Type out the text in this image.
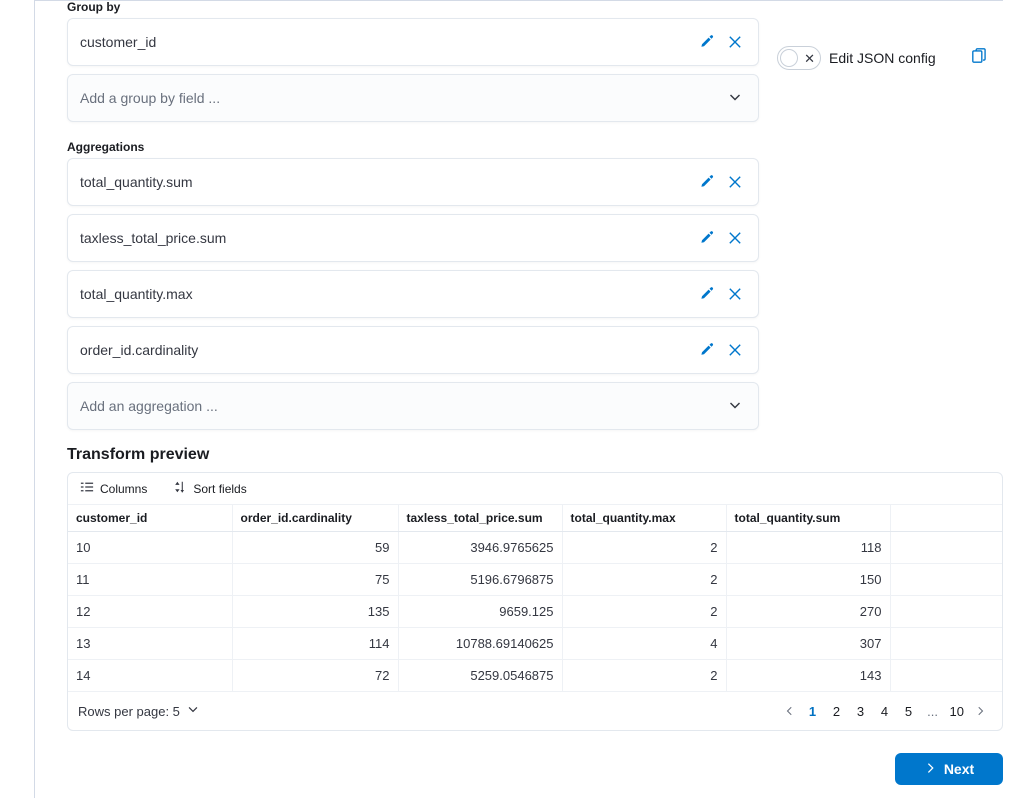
Group by
customer_id
Add a group by field ...
✕ Edit JSON config
Aggregations
total_quantity.sum
taxless_total_price.sum
total_quantity.max
order_id.cardinality
Add an aggregation ...
Transform preview
Columns	Sort fields
customer_id	order_id.cardinality	taxless_total_price.sum	total_quantity.max	total_quantity.sum	
10	59	3946.9765625	2	118	
11	75	5196.6796875	2	150	
12	135	9659.125	2	270	
13	114	10788.69140625	4	307	
14	72	5259.0546875	2	143	
Rows per page: 5	1	2	3	4	5	... 10
Next
